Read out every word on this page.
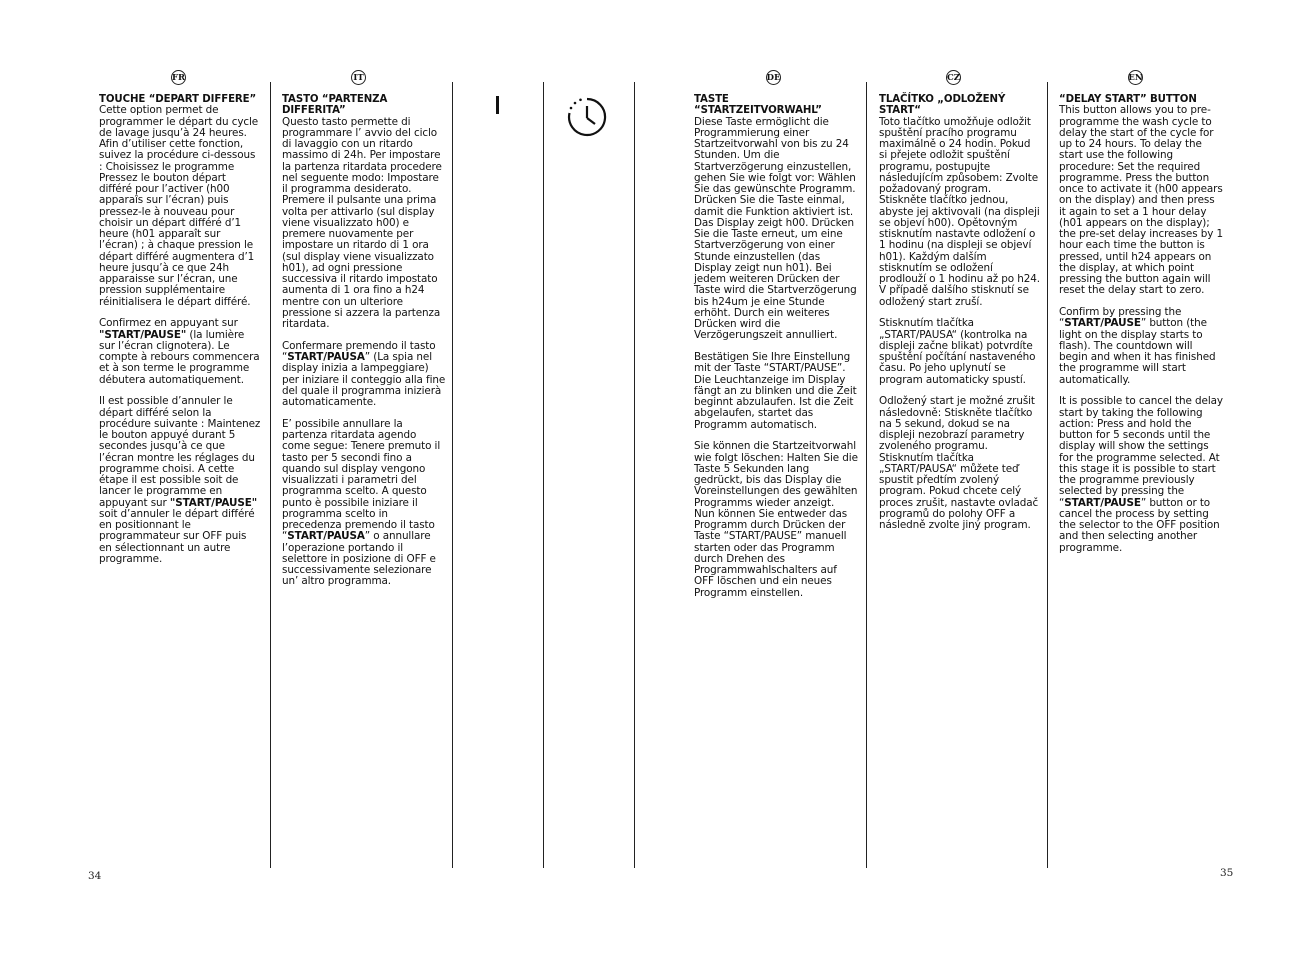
FR	IT	DE	CZ	EN

TOUCHE “DEPART DIFFERE”

Cette option permet de programmer le départ du cycle de lavage jusqu’à 24 heures. Afin d’utiliser cette fonction, suivez la procédure ci-dessous : Choisissez le programme Pressez le bouton départ différé pour l’activer (h00 apparaîs sur l’écran) puis pressez-le à nouveau pour choisir un départ différé d’1 heure (h01 apparaît sur l’écran) ; à chaque pression le départ différé augmentera d’1 heure jusqu’à ce que 24h apparaisse sur l’écran, une pression supplémentaire réinitialisera le départ différé.

Confirmez en appuyant sur "START/PAUSE" (la lumière sur l’écran clignotera). Le compte à rebours commencera et à son terme le programme débutera automatiquement.

Il est possible d’annuler le départ différé selon la procédure suivante : Maintenez le bouton appuyé durant 5 secondes jusqu’à ce que l’écran montre les réglages du programme choisi. A cette étape il est possible soit de lancer le programme en appuyant sur "START/PAUSE" soit d’annuler le départ différé en positionnant le programmateur sur OFF puis en sélectionnant un autre programme.

TASTO “PARTENZA DIFFERITA”

Questo tasto permette di programmare l’ avvio del ciclo di lavaggio con un ritardo massimo di 24h. Per impostare la partenza ritardata procedere nel seguente modo: Impostare il programma desiderato. Premere il pulsante una prima volta per attivarlo (sul display viene visualizzato h00) e premere nuovamente per impostare un ritardo di 1 ora (sul display viene visualizzato h01), ad ogni pressione successiva il ritardo impostato aumenta di 1 ora fino a h24 mentre con un ulteriore pressione si azzera la partenza ritardata.

Confermare premendo il tasto “START/PAUSA” (La spia nel display inizia a lampeggiare) per iniziare il conteggio alla fine del quale il programma inizierà automaticamente.

E’ possibile annullare la partenza ritardata agendo come segue: Tenere premuto il tasto per 5 secondi fino a quando sul display vengono visualizzati i parametri del programma scelto. A questo punto è possibile iniziare il programma scelto in precedenza premendo il tasto “START/PAUSA” o annullare l’operazione portando il selettore in posizione di OFF e successivamente selezionare un’ altro programma.

TASTE “STARTZEITVORWAHL”

Diese Taste ermöglicht die Programmierung einer Startzeitvorwahl von bis zu 24 Stunden. Um die Startverzögerung einzustellen, gehen Sie wie folgt vor: Wählen Sie das gewünschte Programm. Drücken Sie die Taste einmal, damit die Funktion aktiviert ist. Das Display zeigt h00. Drücken Sie die Taste erneut, um eine Startverzögerung von einer Stunde einzustellen (das Display zeigt nun h01). Bei jedem weiteren Drücken der Taste wird die Startverzögerung bis h24um je eine Stunde erhöht. Durch ein weiteres Drücken wird die Verzögerungszeit annulliert.

Bestätigen Sie Ihre Einstellung mit der Taste “START/PAUSE”. Die Leuchtanzeige im Display fängt an zu blinken und die Zeit beginnt abzulaufen. Ist die Zeit abgelaufen, startet das Programm automatisch.

Sie können die Startzeitvorwahl wie folgt löschen: Halten Sie die Taste 5 Sekunden lang gedrückt, bis das Display die Voreinstellungen des gewählten Programms wieder anzeigt. Nun können Sie entweder das Programm durch Drücken der Taste “START/PAUSE” manuell starten oder das Programm durch Drehen des Programmwahlschalters auf OFF löschen und ein neues Programm einstellen.

TLAČÍTKO „ODLOŽENÝ START“

Toto tlačítko umožňuje odložit spuštění pracího programu maximálně o 24 hodin. Pokud si přejete odložit spuštění programu, postupujte následujícím způsobem: Zvolte požadovaný program. Stiskněte tlačítko jednou, abyste jej aktivovali (na displeji se objeví h00). Opětovným stisknutím nastavte odložení o 1 hodinu (na displeji se objeví h01). Každým dalším stisknutím se odložení prodlouží o 1 hodinu až po h24. V případě dalšího stisknutí se odložený start zruší.

Stisknutím tlačítka „START/PAUSA“ (kontrolka na displeji začne blikat) potvrdíte spuštění počítání nastaveného času. Po jeho uplynutí se program automaticky spustí.

Odložený start je možné zrušit následovně: Stiskněte tlačítko na 5 sekund, dokud se na displeji nezobrazí parametry zvoleného programu. Stisknutím tlačítka „START/PAUSA“ můžete teď spustit předtím zvolený program. Pokud chcete celý proces zrušit, nastavte ovladač programů do polohy OFF a následně zvolte jiný program.

“DELAY START” BUTTON

This button allows you to pre-programme the wash cycle to delay the start of the cycle for up to 24 hours. To delay the start use the following procedure: Set the required programme. Press the button once to activate it (h00 appears on the display) and then press it again to set a 1 hour delay (h01 appears on the display); the pre-set delay increases by 1 hour each time the button is pressed, until h24 appears on the display, at which point pressing the button again will reset the delay start to zero.

Confirm by pressing the “START/PAUSE” button (the light on the display starts to flash). The countdown will begin and when it has finished the programme will start automatically.

It is possible to cancel the delay start by taking the following action: Press and hold the button for 5 seconds until the display will show the settings for the programme selected. At this stage it is possible to start the programme previously selected by pressing the “START/PAUSE” button or to cancel the process by setting the selector to the OFF position and then selecting another programme.

34	35
